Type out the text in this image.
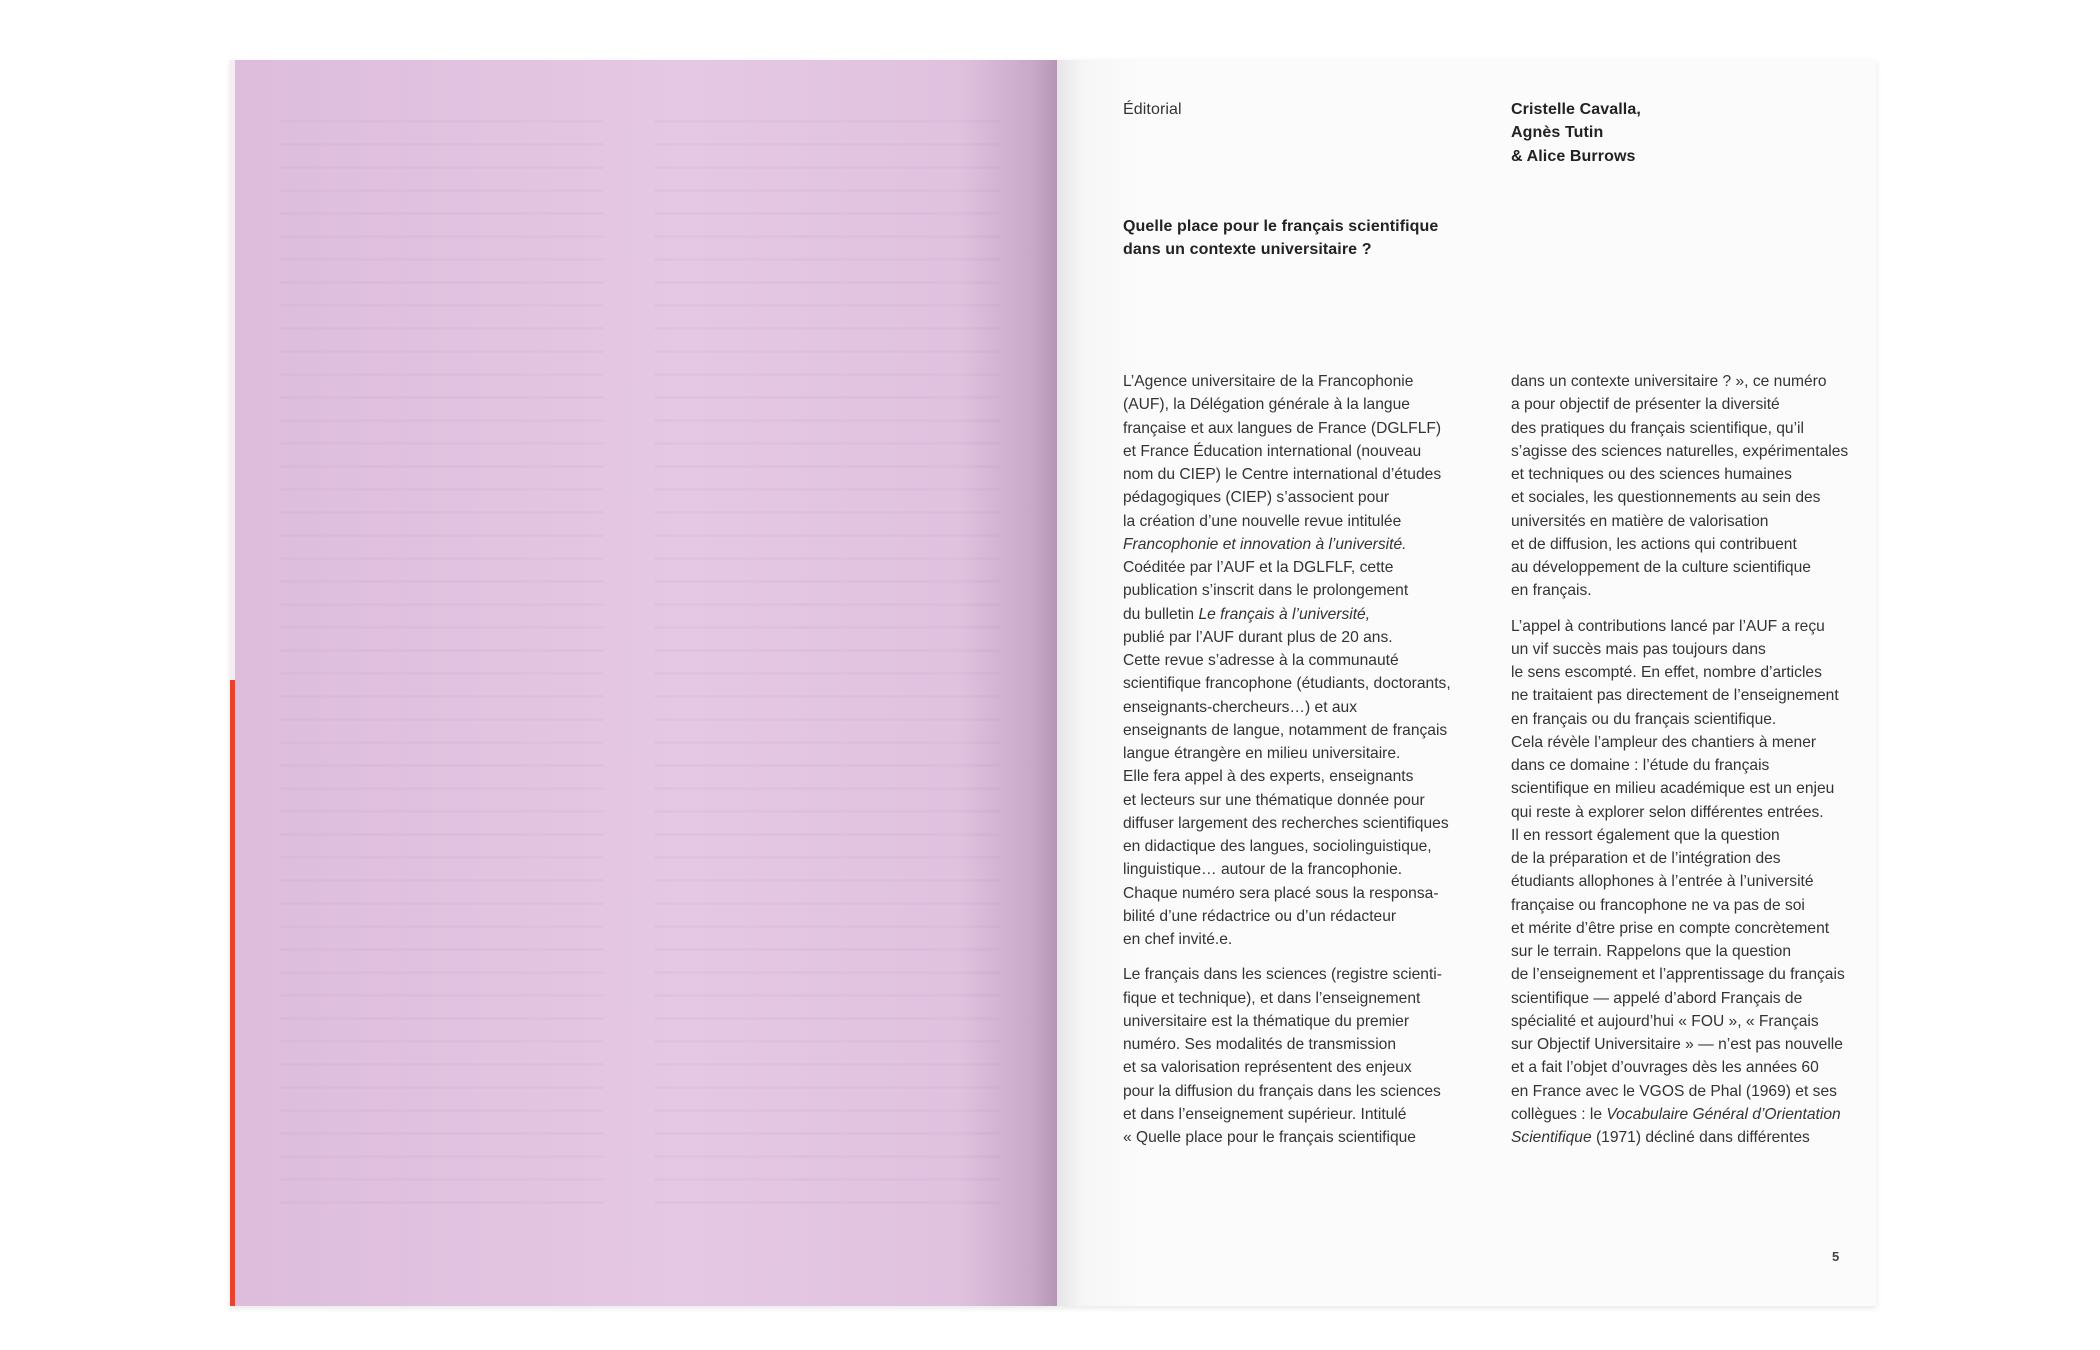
Éditorial	Cristelle Cavalla,
Agnès Tutin
& Alice Burrows
Quelle place pour le français scientifique
dans un contexte universitaire ?

L’Agence universitaire de la Francophonie
(AUF), la Délégation générale à la langue
française et aux langues de France (DGLFLF)
et France Éducation international (nouveau
nom du CIEP) le Centre international d’études
pédagogiques (CIEP) s’associent pour
la création d’une nouvelle revue intitulée
Francophonie et innovation à l’université.
Coéditée par l’AUF et la DGLFLF, cette
publication s’inscrit dans le prolongement
du bulletin Le français à l’université,
publié par l’AUF durant plus de 20 ans.
Cette revue s’adresse à la communauté
scientifique francophone (étudiants, doctorants,
enseignants-chercheurs…) et aux
enseignants de langue, notamment de français
langue étrangère en milieu universitaire.
Elle fera appel à des experts, enseignants
et lecteurs sur une thématique donnée pour
diffuser largement des recherches scientifiques
en didactique des langues, sociolinguistique,
linguistique… autour de la francophonie.
Chaque numéro sera placé sous la responsa-
bilité d’une rédactrice ou d’un rédacteur
en chef invité.e.

Le français dans les sciences (registre scienti-
fique et technique), et dans l’enseignement
universitaire est la thématique du premier
numéro. Ses modalités de transmission
et sa valorisation représentent des enjeux
pour la diffusion du français dans les sciences
et dans l’enseignement supérieur. Intitulé
« Quelle place pour le français scientifique

dans un contexte universitaire ? », ce numéro
a pour objectif de présenter la diversité
des pratiques du français scientifique, qu’il
s’agisse des sciences naturelles, expérimentales
et techniques ou des sciences humaines
et sociales, les questionnements au sein des
universités en matière de valorisation
et de diffusion, les actions qui contribuent
au développement de la culture scientifique
en français.

L’appel à contributions lancé par l’AUF a reçu
un vif succès mais pas toujours dans
le sens escompté. En effet, nombre d’articles
ne traitaient pas directement de l’enseignement
en français ou du français scientifique.
Cela révèle l’ampleur des chantiers à mener
dans ce domaine : l’étude du français
scientifique en milieu académique est un enjeu
qui reste à explorer selon différentes entrées.
Il en ressort également que la question
de la préparation et de l’intégration des
étudiants allophones à l’entrée à l’université
française ou francophone ne va pas de soi
et mérite d’être prise en compte concrètement
sur le terrain. Rappelons que la question
de l’enseignement et l’apprentissage du français
scientifique — appelé d’abord Français de
spécialité et aujourd’hui « FOU », « Français
sur Objectif Universitaire » — n’est pas nouvelle
et a fait l’objet d’ouvrages dès les années 60
en France avec le VGOS de Phal (1969) et ses
collègues : le Vocabulaire Général d’Orientation
Scientifique (1971) décliné dans différentes

5
